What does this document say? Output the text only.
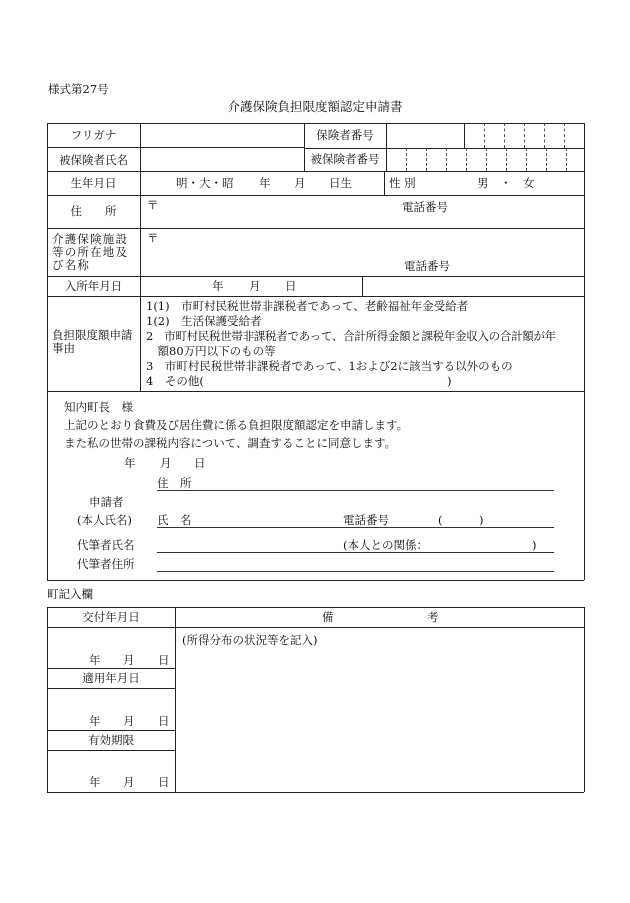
様式第27号
介護保険負担限度額認定申請書
フリガナ	保険者番号
被保険者氏名	被保険者番号
生年月日	明・大・昭 年 月 日生	性 別	男 ・ 女
住　　所	〒	電話番号
介護保険施設
等の所在地及
び名称
〒
電話番号
入所年月日	年 月 日
負担限度額申請
事由
1(1)　市町村民税世帯非課税者であって、老齢福祉年金受給者
1(2)　生活保護受給者
2　市町村民税世帯非課税者であって、合計所得金額と課税年金収入の合計額が年
　額80万円以下のもの等
3　市町村民税世帯非課税者であって、1および2に該当する以外のもの
4　その他(	)
知内町長　様
上記のとおり食費及び居住費に係る負担限度額認定を申請します。
また私の世帯の課税内容について、調査することに同意します。
年 月 日
住　所
申請者
(本人氏名) 氏　名	電話番号	(	)
代筆者氏名	(本人との関係：	)
代筆者住所
町記入欄
交付年月日	備	考
(所得分布の状況等を記入)
年 月 日
適用年月日
年 月 日
有効期限
年 月 日
